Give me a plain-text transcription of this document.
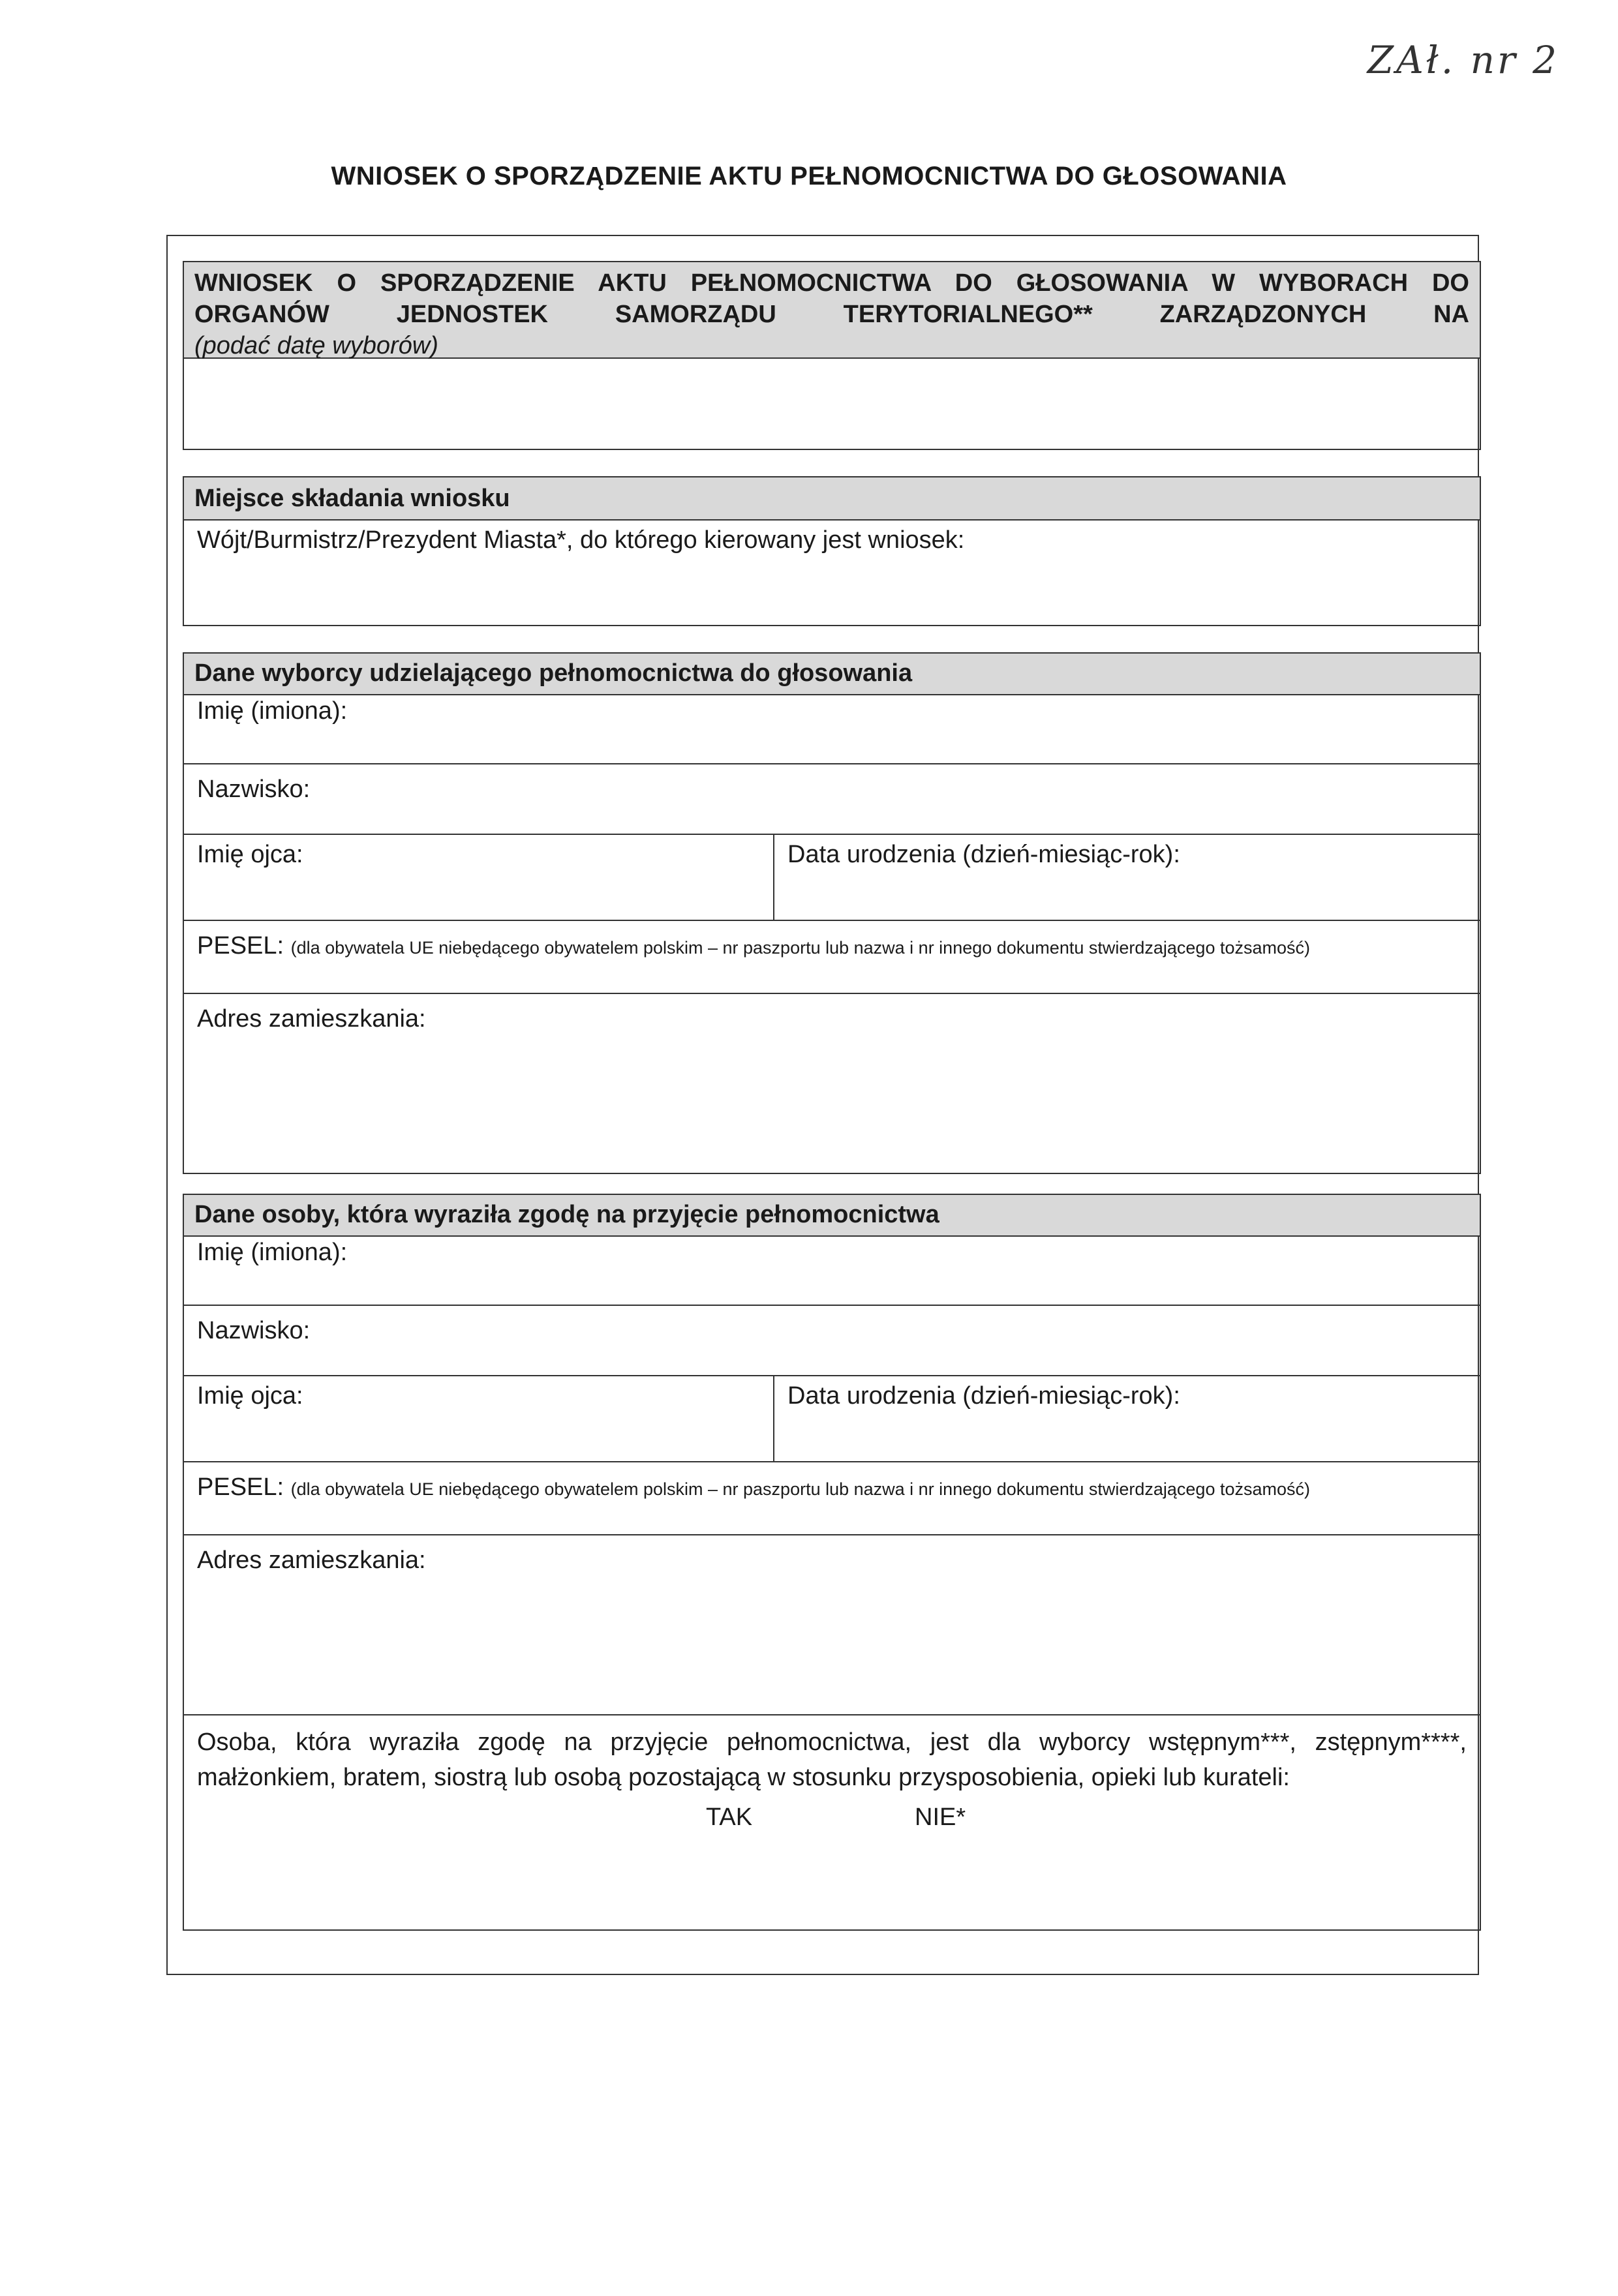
ZAł. nr 2
WNIOSEK O SPORZĄDZENIE AKTU PEŁNOMOCNICTWA DO GŁOSOWANIA
WNIOSEK O SPORZĄDZENIE AKTU PEŁNOMOCNICTWA DO GŁOSOWANIA W WYBORACH DO
ORGANÓW JEDNOSTEK SAMORZĄDU TERYTORIALNEGO** ZARZĄDZONYCH NA
(podać datę wyborów)
Miejsce składania wniosku
Wójt/Burmistrz/Prezydent Miasta*, do którego kierowany jest wniosek:
Dane wyborcy udzielającego pełnomocnictwa do głosowania
Imię (imiona):
Nazwisko:
Imię ojca:	Data urodzenia (dzień-miesiąc-rok):
PESEL: (dla obywatela UE niebędącego obywatelem polskim – nr paszportu lub nazwa i nr innego dokumentu stwierdzającego tożsamość)
Adres zamieszkania:
Dane osoby, która wyraziła zgodę na przyjęcie pełnomocnictwa
Imię (imiona):
Nazwisko:
Imię ojca:	Data urodzenia (dzień-miesiąc-rok):
PESEL: (dla obywatela UE niebędącego obywatelem polskim – nr paszportu lub nazwa i nr innego dokumentu stwierdzającego tożsamość)
Adres zamieszkania:
Osoba, która wyraziła zgodę na przyjęcie pełnomocnictwa, jest dla wyborcy wstępnym***, zstępnym****, małżonkiem, bratem, siostrą lub osobą pozostającą w stosunku przysposobienia, opieki lub kurateli:
TAK	NIE*
